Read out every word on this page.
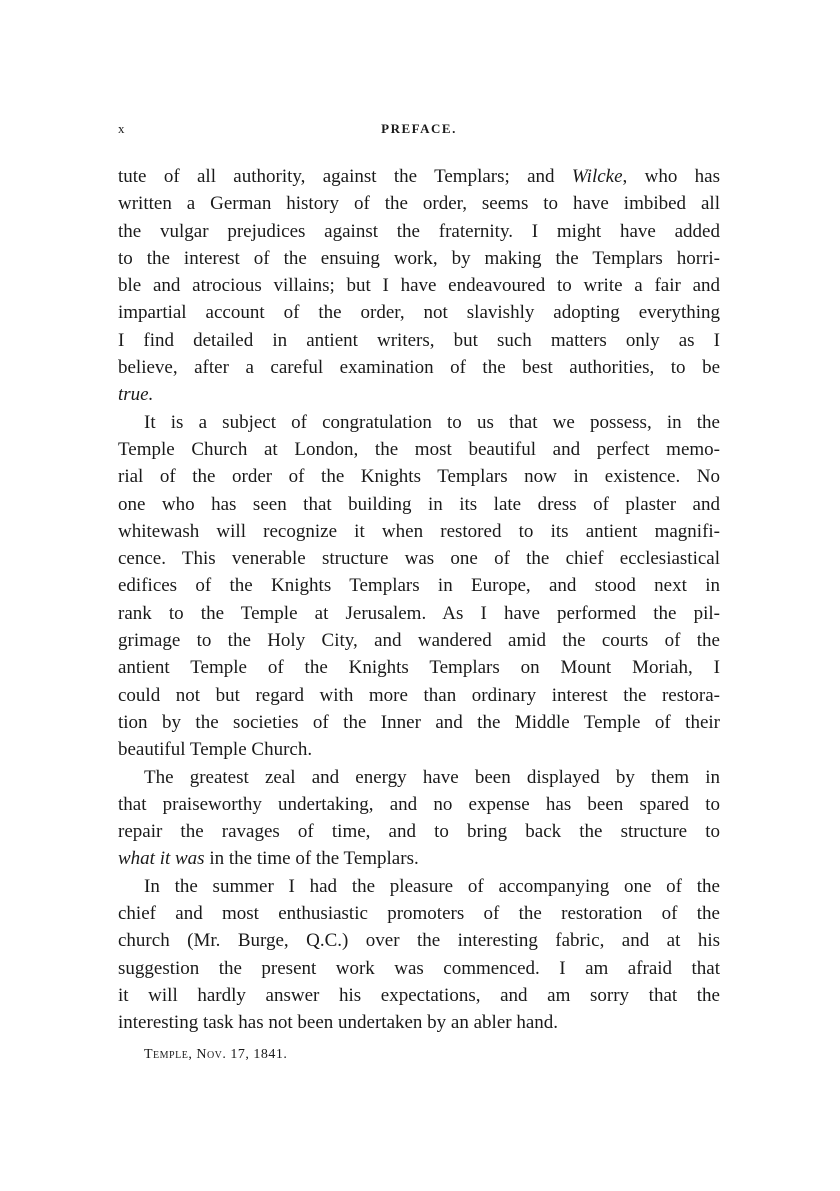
x	PREFACE.
tute of all authority, against the Templars; and Wilcke, who has
written a German history of the order, seems to have imbibed all
the vulgar prejudices against the fraternity. I might have added
to the interest of the ensuing work, by making the Templars horri-
ble and atrocious villains; but I have endeavoured to write a fair and
impartial account of the order, not slavishly adopting everything
I find detailed in antient writers, but such matters only as I
believe, after a careful examination of the best authorities, to be
true.
It is a subject of congratulation to us that we possess, in the
Temple Church at London, the most beautiful and perfect memo-
rial of the order of the Knights Templars now in existence. No
one who has seen that building in its late dress of plaster and
whitewash will recognize it when restored to its antient magnifi-
cence. This venerable structure was one of the chief ecclesiastical
edifices of the Knights Templars in Europe, and stood next in
rank to the Temple at Jerusalem. As I have performed the pil-
grimage to the Holy City, and wandered amid the courts of the
antient Temple of the Knights Templars on Mount Moriah, I
could not but regard with more than ordinary interest the restora-
tion by the societies of the Inner and the Middle Temple of their
beautiful Temple Church.
The greatest zeal and energy have been displayed by them in
that praiseworthy undertaking, and no expense has been spared to
repair the ravages of time, and to bring back the structure to
what it was in the time of the Templars.
In the summer I had the pleasure of accompanying one of the
chief and most enthusiastic promoters of the restoration of the
church (Mr. Burge, Q.C.) over the interesting fabric, and at his
suggestion the present work was commenced. I am afraid that
it will hardly answer his expectations, and am sorry that the
interesting task has not been undertaken by an abler hand.
Temple, Nov. 17, 1841.
